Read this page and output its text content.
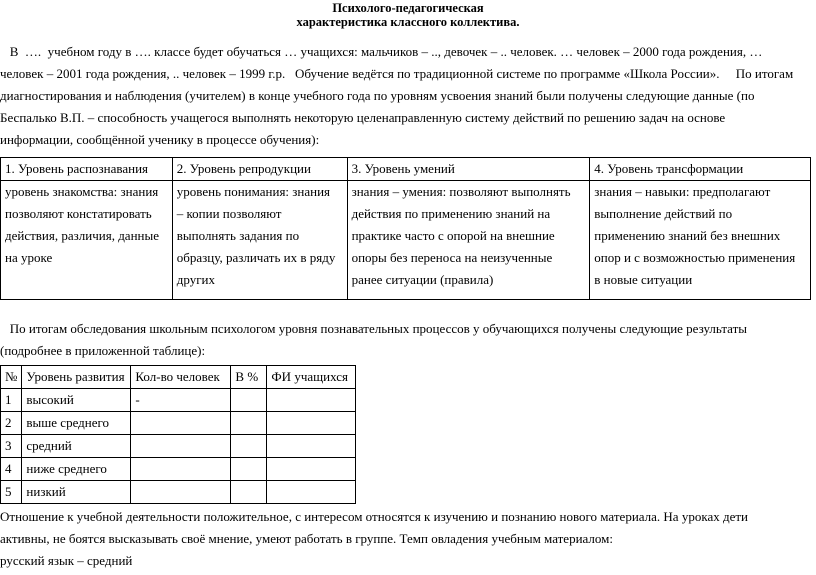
Психолого-педагогическая
характеристика классного коллектива.
В  ….  учебном году в …. классе будет обучаться … учащихся: мальчиков – .., девочек – .. человек. … человек – 2000 года рождения, …
человек – 2001 года рождения, .. человек – 1999 г.р.   Обучение ведётся по традиционной системе по программе «Школа России».     По итогам
диагностирования и наблюдения (учителем) в конце учебного года по уровням усвоения знаний были получены следующие данные (по
Беспалько В.П. – способность учащегося выполнять некоторую целенаправленную систему действий по решению задач на основе
информации, сообщённой ученику в процессе обучения):
1. Уровень распознавания	2. Уровень репродукции	3. Уровень умений	4. Уровень трансформации

уровень знакомства: знания
позволяют констатировать
действия, различия, данные
на уроке	уровень понимания: знания
– копии позволяют
выполнять задания по
образцу, различать их в ряду
других	знания – умения: позволяют выполнять
действия по применению знаний на
практике часто с опорой на внешние
опоры без переноса на неизученные
ранее ситуации (правила)	знания – навыки: предполагают
выполнение действий по
применению знаний без внешних
опор и с возможностью применения
в новые ситуации
По итогам обследования школьным психологом уровня познавательных процессов у обучающихся получены следующие результаты
(подробнее в приложенной таблице):
№	Уровень развития	Кол-во человек	В %	ФИ учащихся
1	высокий	-		
2	выше среднего			
3	средний			
4	ниже среднего			
5	низкий			
Отношение к учебной деятельности положительное, с интересом относятся к изучению и познанию нового материала. На уроках дети
активны, не боятся высказывать своё мнение, умеют работать в группе. Темп овладения учебным материалом:
русский язык – средний
